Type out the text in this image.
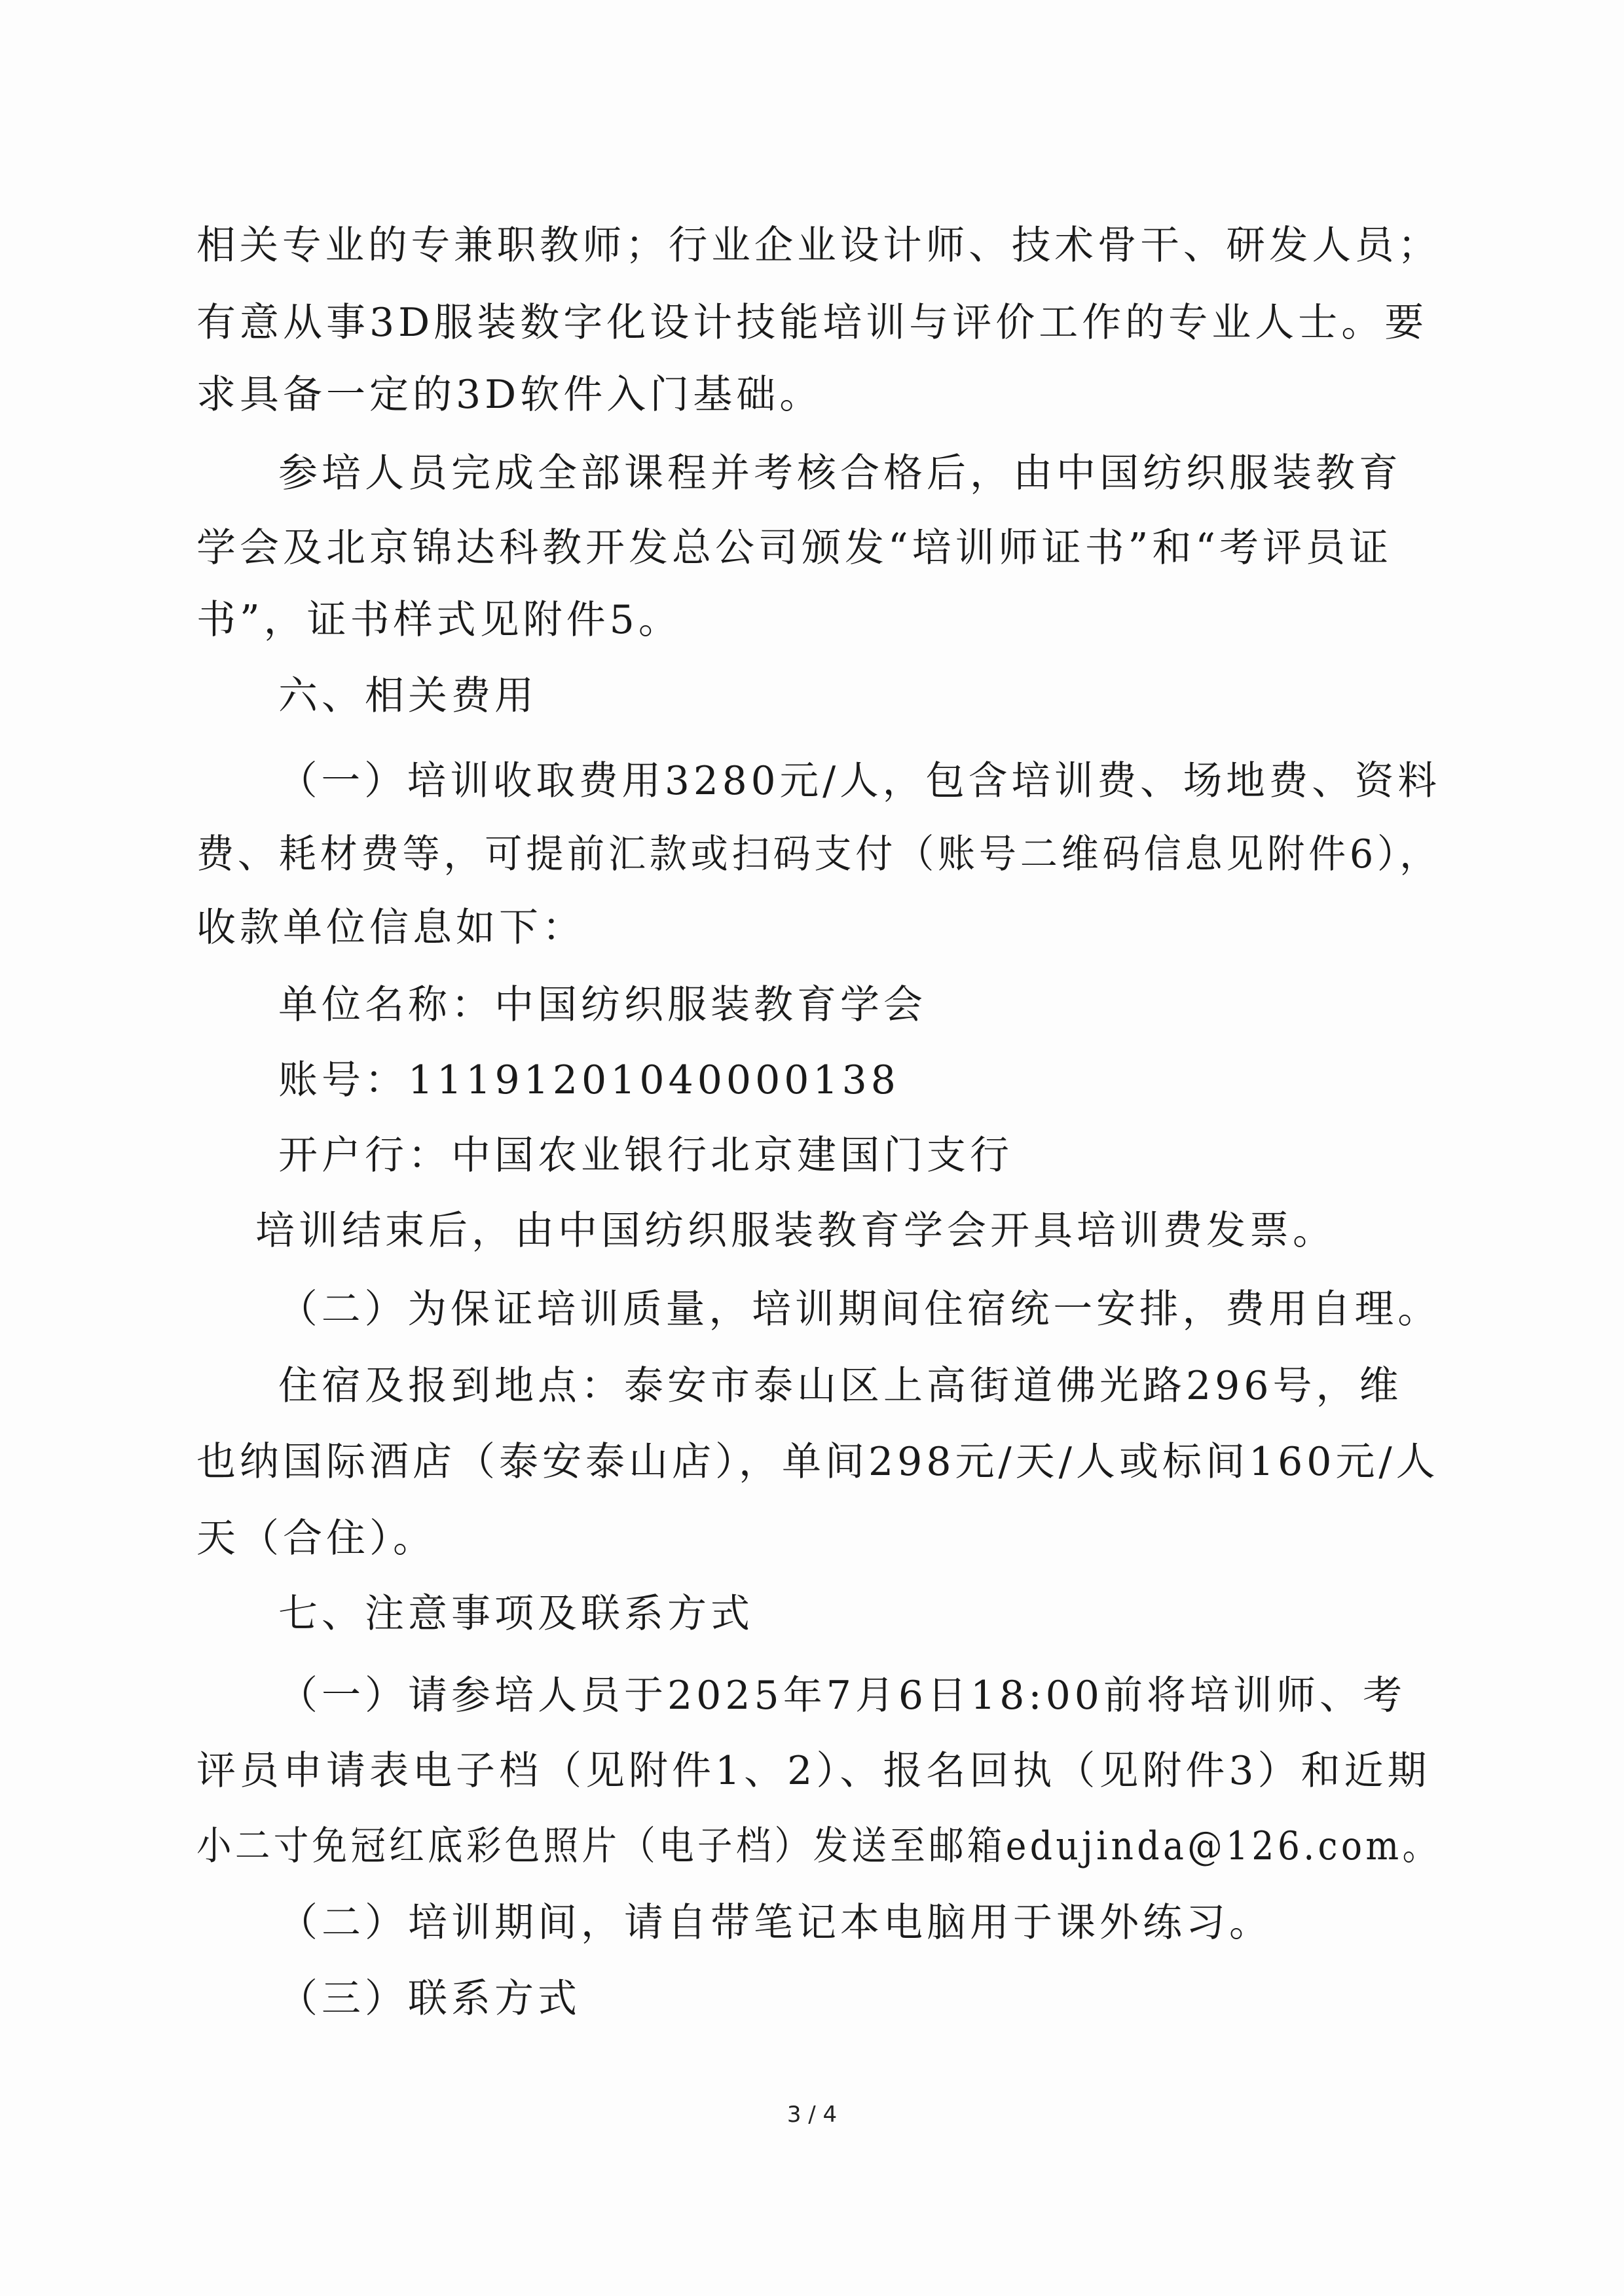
相关专业的专兼职教师；行业企业设计师、技术骨干、研发人员；
有意从事3D服装数字化设计技能培训与评价工作的专业人士。要
求具备一定的3D软件入门基础。
参培人员完成全部课程并考核合格后，由中国纺织服装教育
学会及北京锦达科教开发总公司颁发“培训师证书”和“考评员证
书”，证书样式见附件5。
六、相关费用
（一）培训收取费用3280元/人，包含培训费、场地费、资料
费、耗材费等，可提前汇款或扫码支付（账号二维码信息见附件6），
收款单位信息如下：
单位名称：中国纺织服装教育学会
账号：11191201040000138
开户行：中国农业银行北京建国门支行
培训结束后，由中国纺织服装教育学会开具培训费发票。
（二）为保证培训质量，培训期间住宿统一安排，费用自理。
住宿及报到地点：泰安市泰山区上高街道佛光路296号，维
也纳国际酒店（泰安泰山店），单间298元/天/人或标间160元/人
天（合住）。
七、注意事项及联系方式
（一）请参培人员于2025年7月6日18:00前将培训师、考
评员申请表电子档（见附件1、2）、报名回执（见附件3）和近期
小二寸免冠红底彩色照片（电子档）发送至邮箱edujinda@126.com。
（二）培训期间，请自带笔记本电脑用于课外练习。
（三）联系方式
3 / 4
